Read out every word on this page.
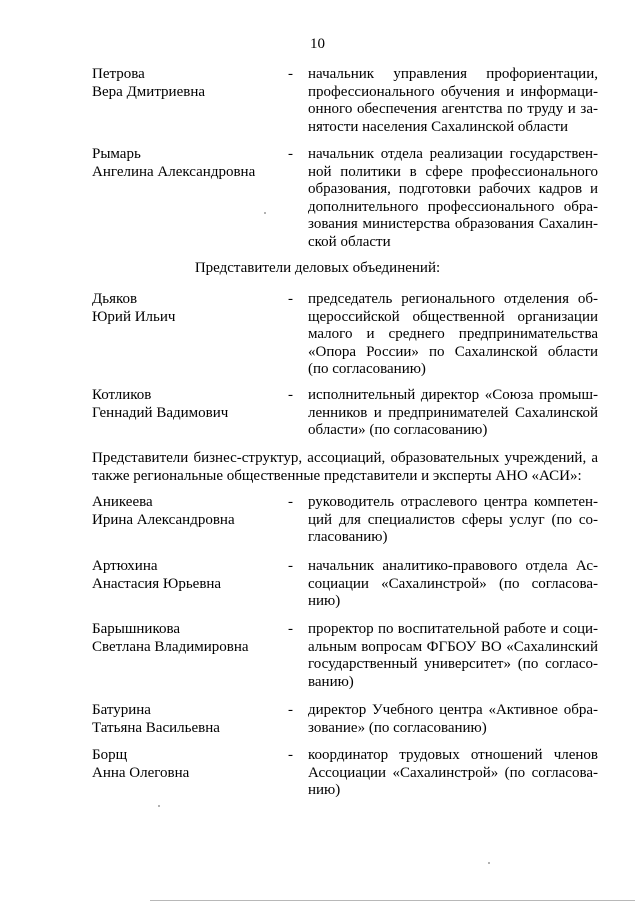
10
Петрова
Вера Дмитриевна
- начальник управления профориентации,
профессионального обучения и информаци-
онного обеспечения агентства по труду и за-
нятости населения Сахалинской области
Рымарь
Ангелина Александровна
- начальник отдела реализации государствен-
ной политики в сфере профессионального
образования, подготовки рабочих кадров и
дополнительного профессионального обра-
зования министерства образования Сахалин-
ской области
Представители деловых объединений:
Дьяков
Юрий Ильич
- председатель регионального отделения об-
щероссийской общественной организации
малого и среднего предпринимательства
«Опора России» по Сахалинской области
(по согласованию)
Котликов
Геннадий Вадимович
- исполнительный директор «Союза промыш-
ленников и предпринимателей Сахалинской
области» (по согласованию)
Представители бизнес-структур, ассоциаций, образовательных учреждений, а
также региональные общественные представители и эксперты АНО «АСИ»:
Аникеева
Ирина Александровна
- руководитель отраслевого центра компетен-
ций для специалистов сферы услуг (по со-
гласованию)
Артюхина
Анастасия Юрьевна
- начальник аналитико-правового отдела Ас-
социации «Сахалинстрой» (по согласова-
нию)
Барышникова
Светлана Владимировна
- проректор по воспитательной работе и соци-
альным вопросам ФГБОУ ВО «Сахалинский
государственный университет» (по согласо-
ванию)
Батурина
Татьяна Васильевна
- директор Учебного центра «Активное обра-
зование» (по согласованию)
Борщ
Анна Олеговна
- координатор трудовых отношений членов
Ассоциации «Сахалинстрой» (по согласова-
нию)
